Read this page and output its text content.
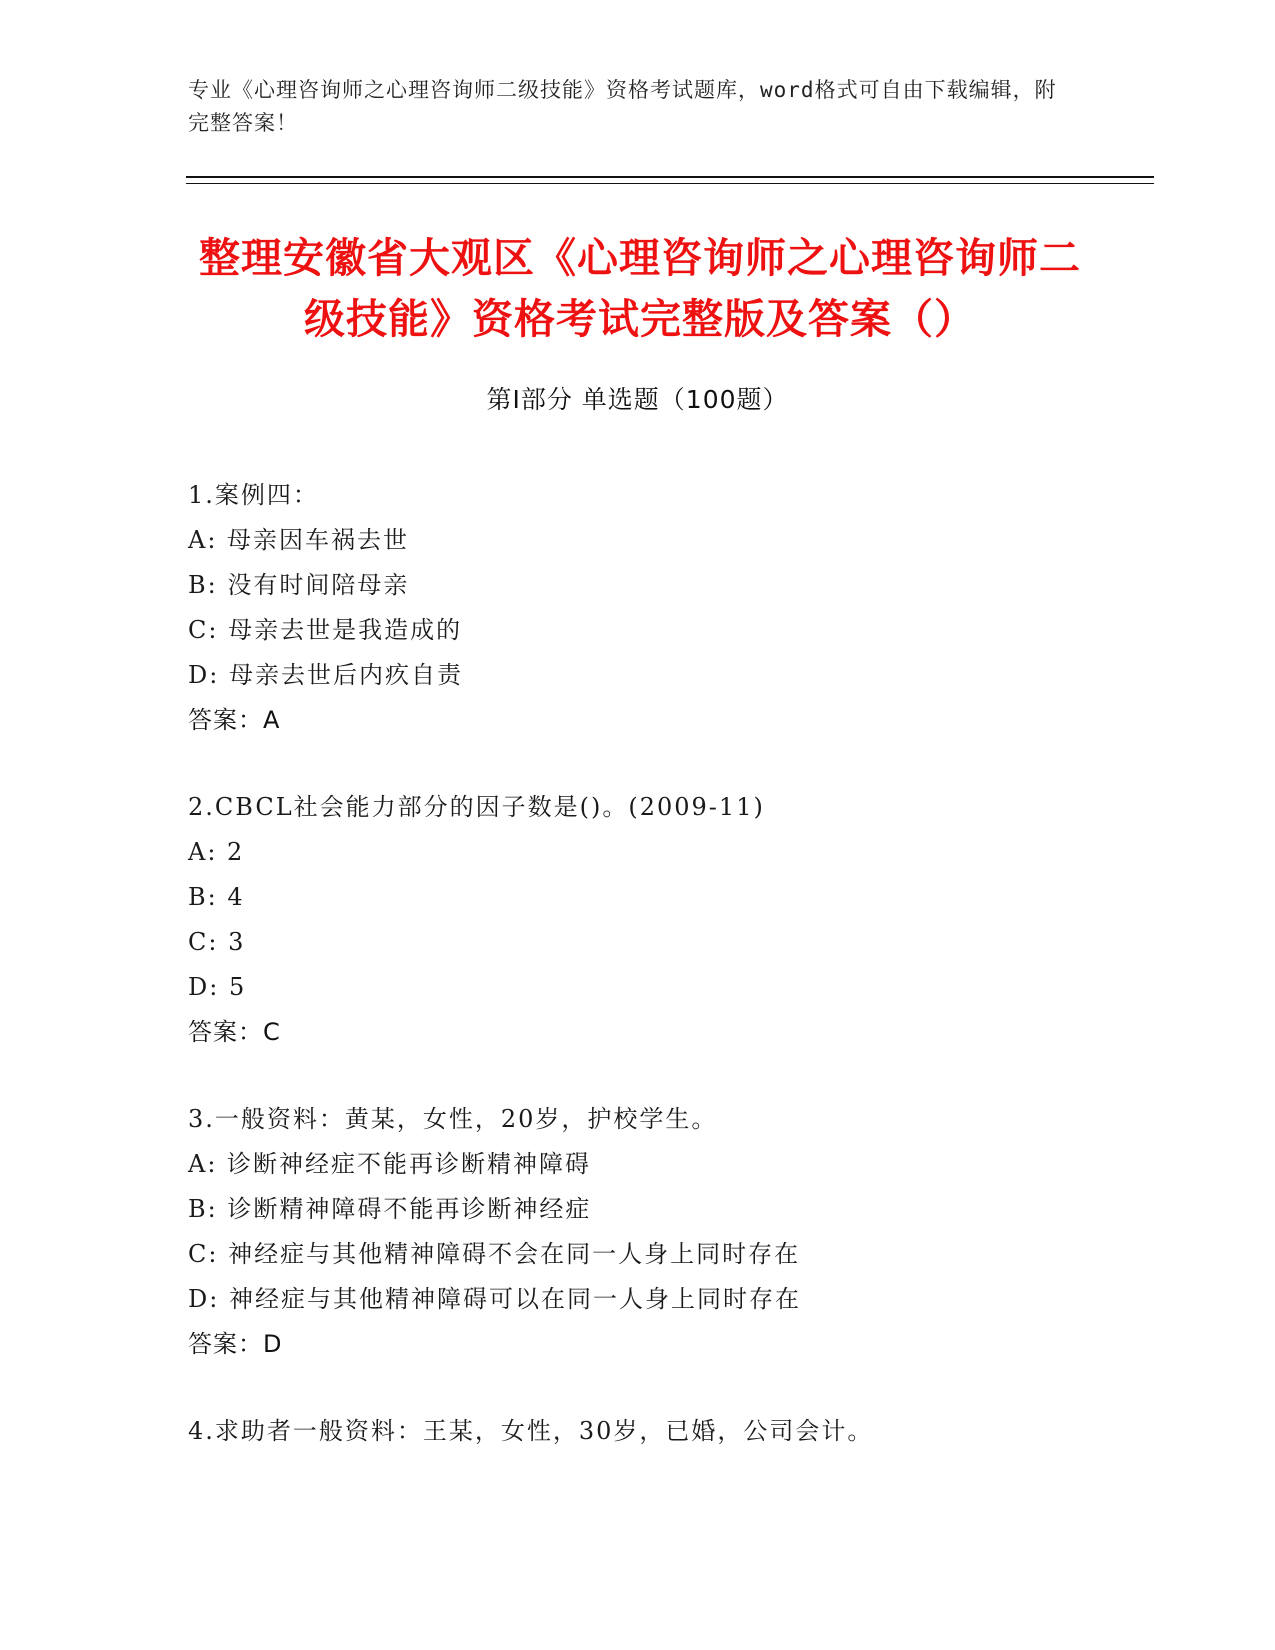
专业《心理咨询师之心理咨询师二级技能》资格考试题库，word格式可自由下载编辑，附完整答案！
整理安徽省大观区《心理咨询师之心理咨询师二级技能》资格考试完整版及答案（）
第Ⅰ部分 单选题（100题）
1.案例四：
A: 母亲因车祸去世
B: 没有时间陪母亲
C: 母亲去世是我造成的
D: 母亲去世后内疚自责
答案：A
2.CBCL社会能力部分的因子数是()。(2009-11)
A: 2
B: 4
C: 3
D: 5
答案：C
3.一般资料：黄某，女性，20岁，护校学生。
A: 诊断神经症不能再诊断精神障碍
B: 诊断精神障碍不能再诊断神经症
C: 神经症与其他精神障碍不会在同一人身上同时存在
D: 神经症与其他精神障碍可以在同一人身上同时存在
答案：D
4.求助者一般资料：王某，女性，30岁，已婚，公司会计。
